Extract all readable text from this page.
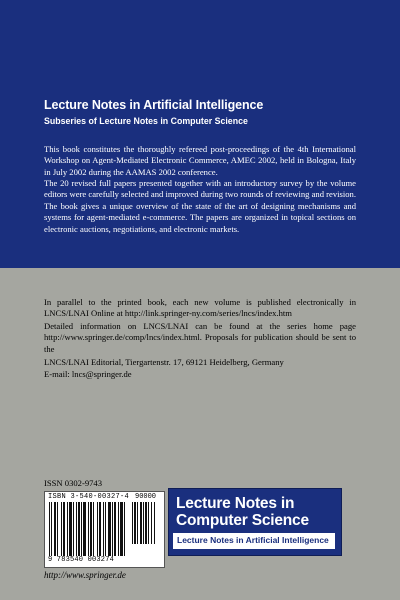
Lecture Notes in Artificial Intelligence
Subseries of Lecture Notes in Computer Science

This book constitutes the thoroughly refereed post-proceedings of the 4th International Workshop on Agent-Mediated Electronic Commerce, AMEC 2002, held in Bologna, Italy in July 2002 during the AAMAS 2002 conference.

The 20 revised full papers presented together with an introductory survey by the volume editors were carefully selected and improved during two rounds of reviewing and revision. The book gives a unique overview of the state of the art of designing mechanisms and systems for agent-mediated e-commerce. The papers are organized in topical sections on electronic auctions, negotiations, and electronic markets.

In parallel to the printed book, each new volume is published electronically in LNCS/LNAI Online at http://link.springer-ny.com/series/lncs/index.htm

Detailed information on LNCS/LNAI can be found at the series home page http://www.springer.de/comp/lncs/index.html. Proposals for publication should be sent to the

LNCS/LNAI Editorial, Tiergartenstr. 17, 69121 Heidelberg, Germany

E-mail: lncs@springer.de

ISSN 0302-9743

ISBN 3-540-00327-4 90000
9 783540 003274
Lecture Notes in
Computer Science
Lecture Notes in Artificial Intelligence
http://www.springer.de
